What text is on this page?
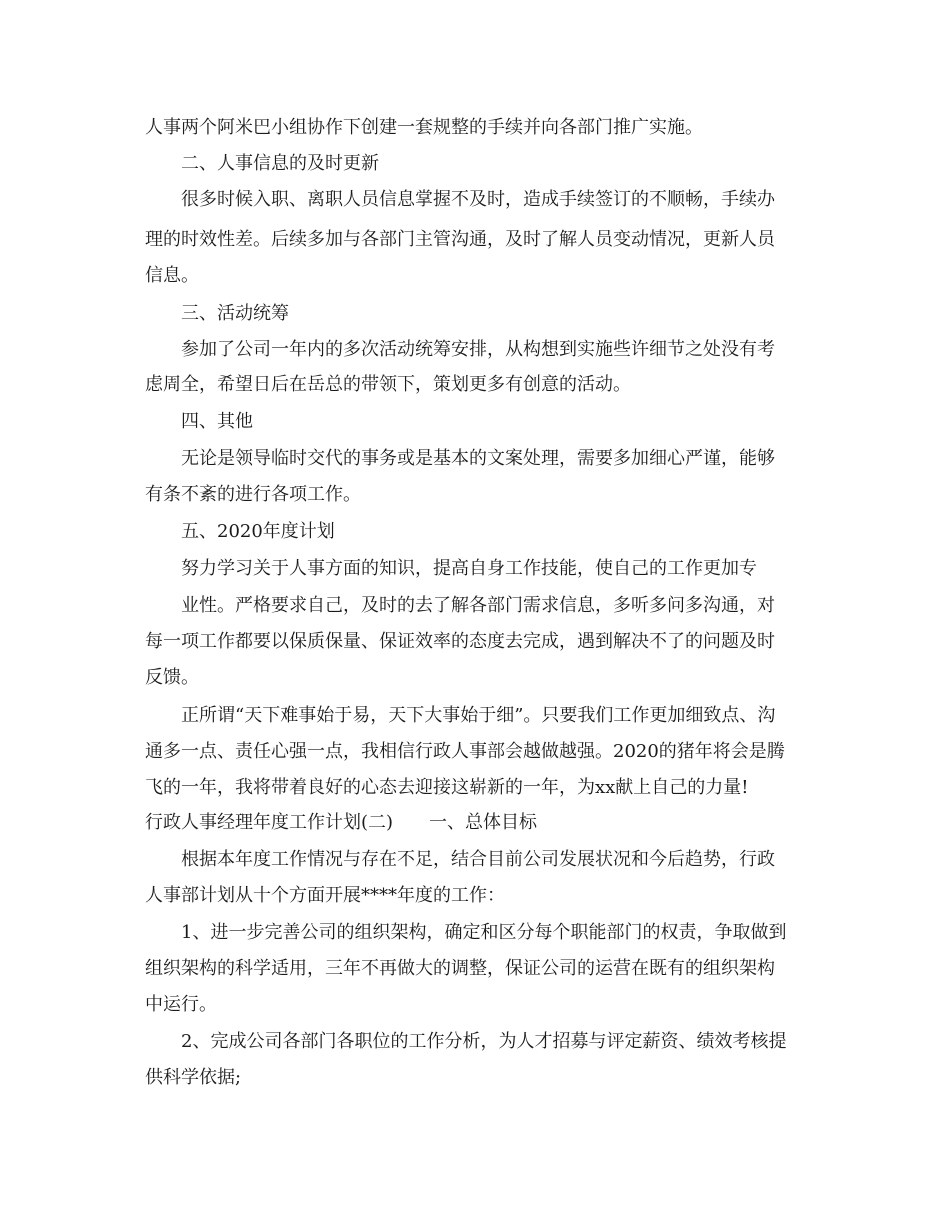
人事两个阿米巴小组协作下创建一套规整的手续并向各部门推广实施。
二、人事信息的及时更新
很多时候入职、离职人员信息掌握不及时，造成手续签订的不顺畅，手续办
理的时效性差。后续多加与各部门主管沟通，及时了解人员变动情况，更新人员
信息。
三、活动统筹
参加了公司一年内的多次活动统筹安排，从构想到实施些许细节之处没有考
虑周全，希望日后在岳总的带领下，策划更多有创意的活动。
四、其他
无论是领导临时交代的事务或是基本的文案处理，需要多加细心严谨，能够
有条不紊的进行各项工作。
五、2020年度计划
努力学习关于人事方面的知识，提高自身工作技能，使自己的工作更加专
业性。严格要求自己，及时的去了解各部门需求信息，多听多问多沟通，对
每一项工作都要以保质保量、保证效率的态度去完成，遇到解决不了的问题及时
反馈。
正所谓“天下难事始于易，天下大事始于细”。只要我们工作更加细致点、沟
通多一点、责任心强一点，我相信行政人事部会越做越强。2020的猪年将会是腾
飞的一年，我将带着良好的心态去迎接这崭新的一年，为xx献上自己的力量!
行政人事经理年度工作计划(二)　　一、总体目标
根据本年度工作情况与存在不足，结合目前公司发展状况和今后趋势，行政
人事部计划从十个方面开展****年度的工作：
1、进一步完善公司的组织架构，确定和区分每个职能部门的权责，争取做到
组织架构的科学适用，三年不再做大的调整，保证公司的运营在既有的组织架构
中运行。
2、完成公司各部门各职位的工作分析，为人才招募与评定薪资、绩效考核提
供科学依据;
